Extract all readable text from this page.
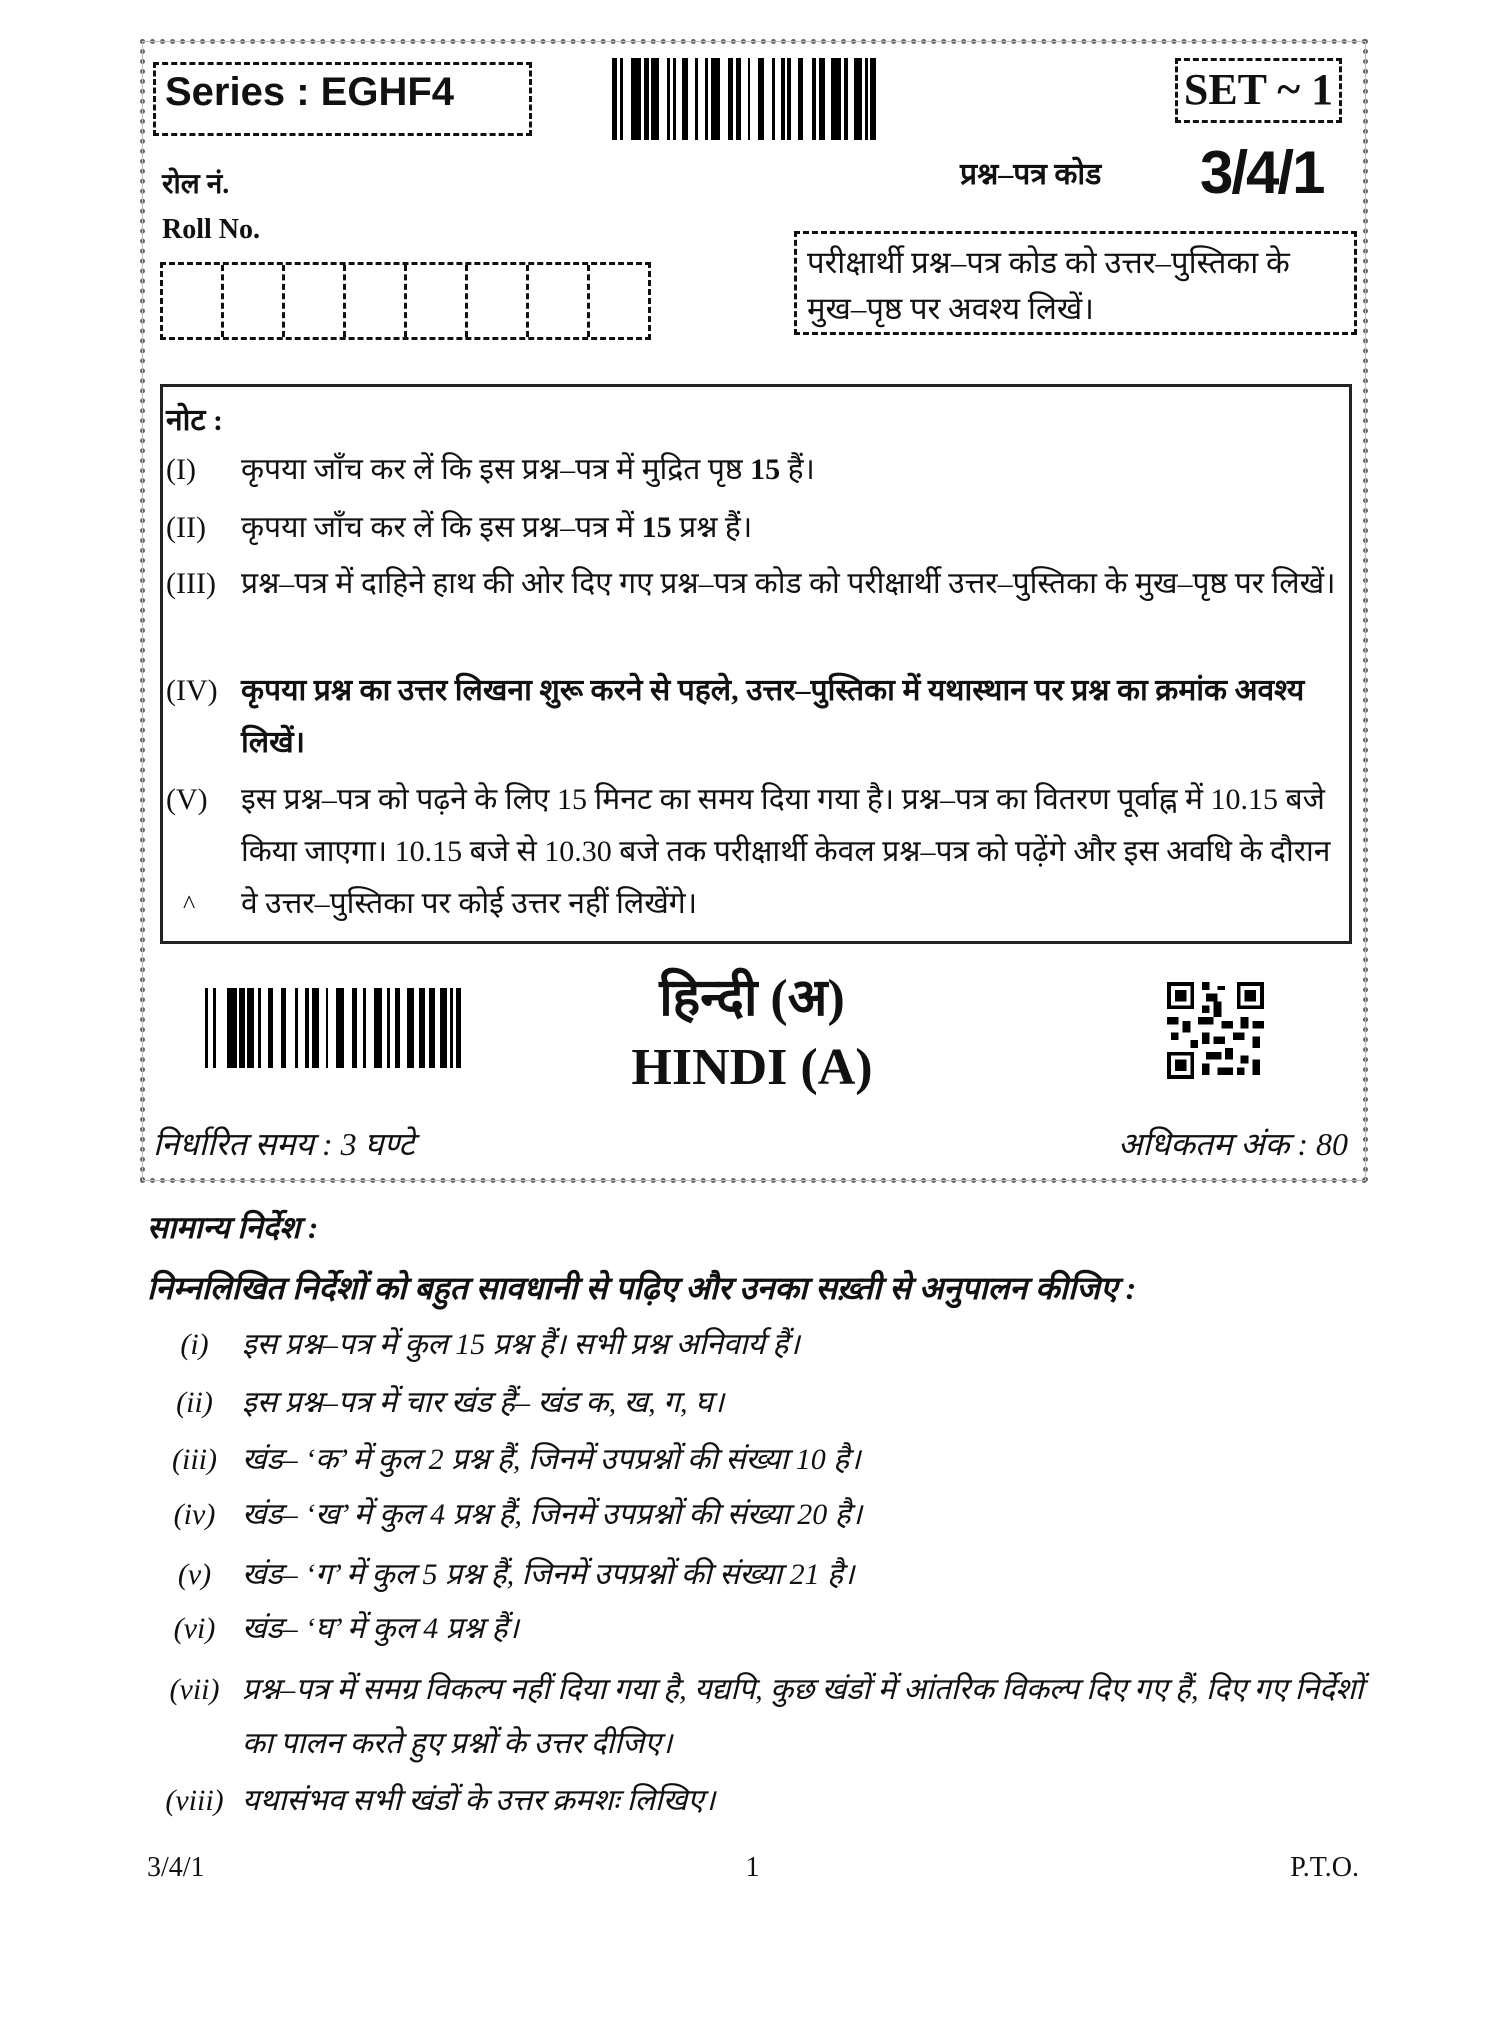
Series : EGHF4	SET ~ 1
प्रश्न–पत्र कोड 3/4/1
रोल नं.
Roll No.
परीक्षार्थी प्रश्न–पत्र कोड को उत्तर–पुस्तिका के मुख–पृष्ठ पर अवश्य लिखें।
नोट :
(I)	कृपया जाँच कर लें कि इस प्रश्न–पत्र में मुद्रित पृष्ठ 15 हैं।
(II)	कृपया जाँच कर लें कि इस प्रश्न–पत्र में 15 प्रश्न हैं।
(III) प्रश्न–पत्र में दाहिने हाथ की ओर दिए गए प्रश्न–पत्र कोड को परीक्षार्थी उत्तर–पुस्तिका के मुख–पृष्ठ पर लिखें।
(IV) कृपया प्रश्न का उत्तर लिखना शुरू करने से पहले, उत्तर–पुस्तिका में यथास्थान पर प्रश्न का क्रमांक अवश्य लिखें।
(V)	इस प्रश्न–पत्र को पढ़ने के लिए 15 मिनट का समय दिया गया है। प्रश्न–पत्र का वितरण पूर्वाह्न में 10.15 बजे किया जाएगा। 10.15 बजे से 10.30 बजे तक परीक्षार्थी केवल प्रश्न–पत्र को पढ़ेंगे और इस अवधि के दौरान वे उत्तर–पुस्तिका पर कोई उत्तर नहीं लिखेंगे।
^
हिन्दी (अ)
HINDI (A)
निर्धारित समय : 3 घण्टे	अधिकतम अंक : 80
सामान्य निर्देश :
निम्नलिखित निर्देशों को बहुत सावधानी से पढ़िए और उनका सख़्ती से अनुपालन कीजिए :
(i)	इस प्रश्न–पत्र में कुल 15 प्रश्न हैं। सभी प्रश्न अनिवार्य हैं।
(ii) इस प्रश्न–पत्र में चार खंड हैं– खंड क, ख, ग, घ।
(iii) खंड– ‘क’ में कुल 2 प्रश्न हैं, जिनमें उपप्रश्नों की संख्या 10 है।
(iv) खंड– ‘ख’ में कुल 4 प्रश्न हैं, जिनमें उपप्रश्नों की संख्या 20 है।
(v)	खंड– ‘ग’ में कुल 5 प्रश्न हैं, जिनमें उपप्रश्नों की संख्या 21 है।
(vi) खंड– ‘घ’ में कुल 4 प्रश्न हैं।
(vii) प्रश्न–पत्र में समग्र विकल्प नहीं दिया गया है, यद्यपि, कुछ खंडों में आंतरिक विकल्प दिए गए हैं, दिए गए निर्देशों का पालन करते हुए प्रश्नों के उत्तर दीजिए।
(viii) यथासंभव सभी खंडों के उत्तर क्रमशः लिखिए।
3/4/1	1	P.T.O.
